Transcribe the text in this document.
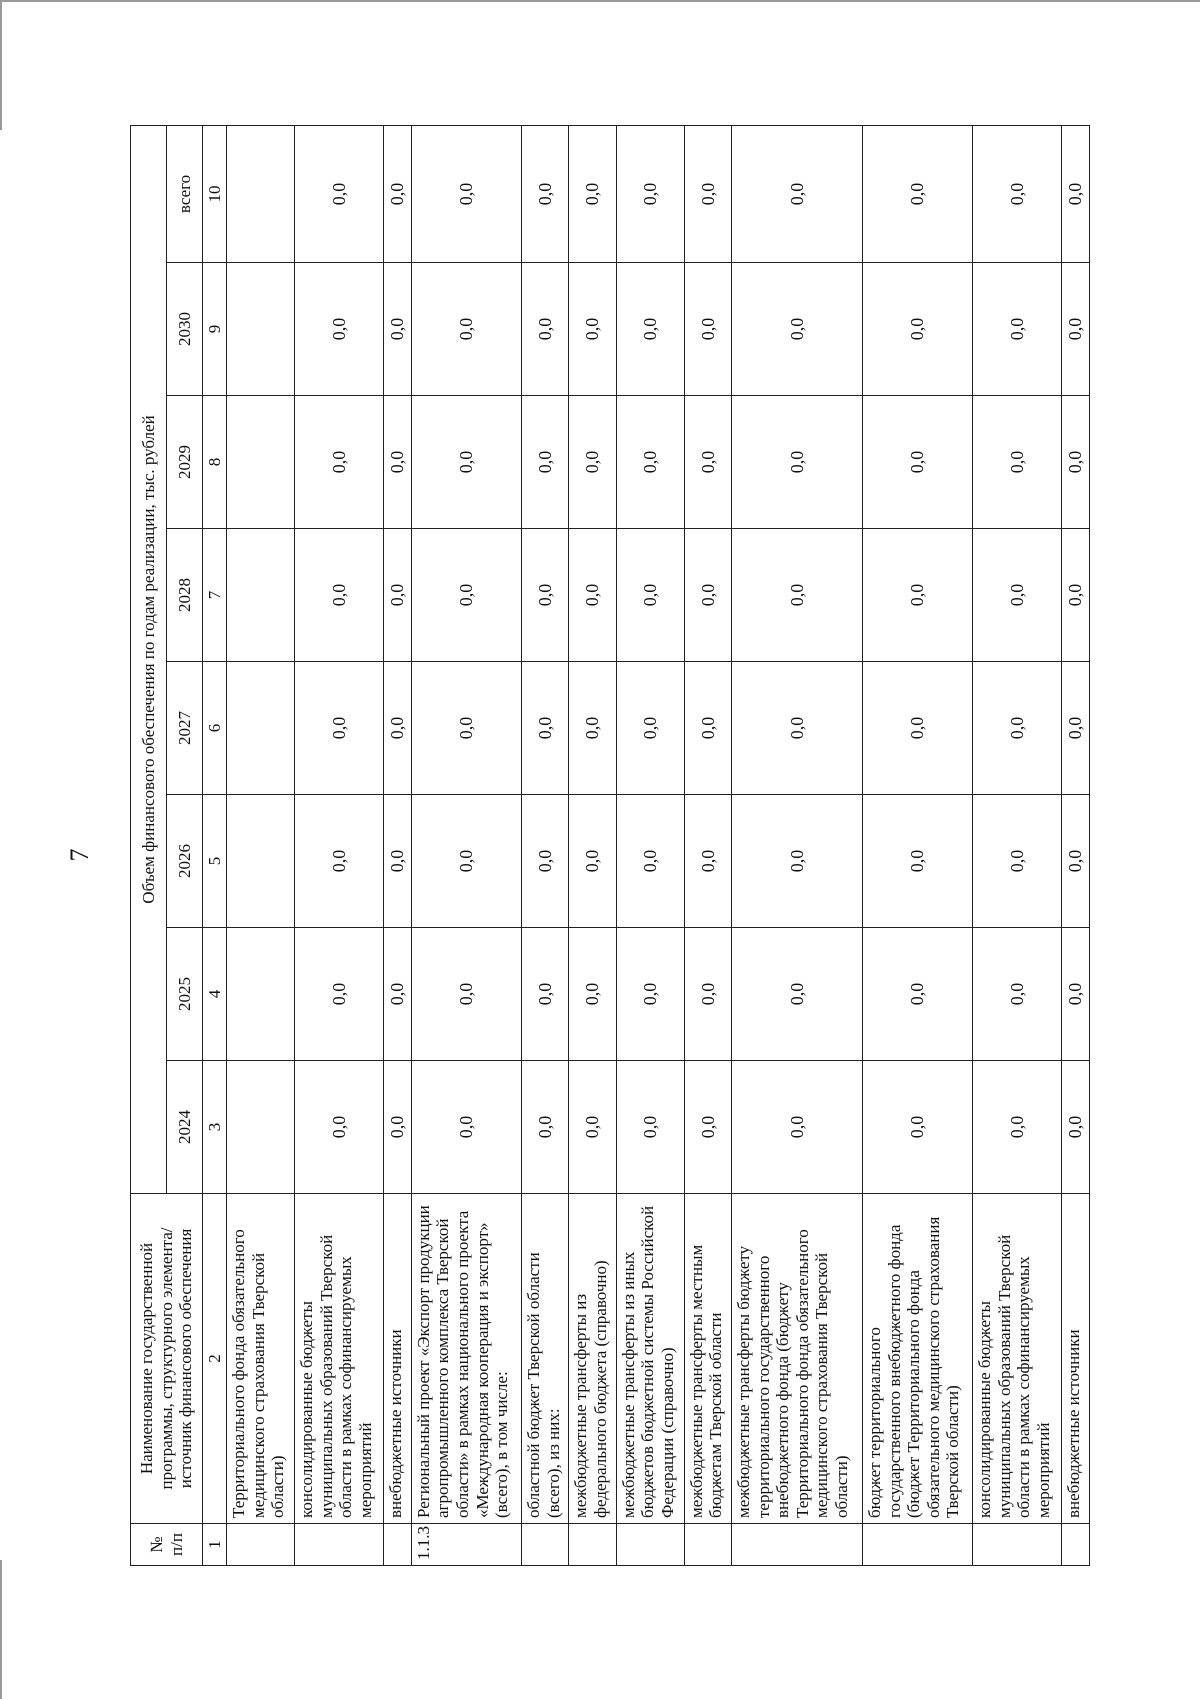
7
№ п/п	Наименование государственной программы, структурного элемента/источник финансового обеспечения	Объем финансового обеспечения по годам реализации, тыс. рублей							
		2024	2025	2026	2027	2028	2029	2030	всего
1	2	3	4	5	6	7	8	9	10
	Территориального фонда обязательного медицинского страхования Тверской области)								
	консолидированные бюджеты муниципальных образований Тверской области в рамках софинансируемых мероприятий	0,0	0,0	0,0	0,0	0,0	0,0	0,0	0,0
	внебюджетные источники	0,0	0,0	0,0	0,0	0,0	0,0	0,0	0,0
1.1.3	Региональный проект «Экспорт продукции агропромышленного комплекса Тверской области» в рамках национального проекта «Международная кооперация и экспорт» (всего), в том числе:	0,0	0,0	0,0	0,0	0,0	0,0	0,0	0,0
	областной бюджет Тверской области (всего), из них:	0,0	0,0	0,0	0,0	0,0	0,0	0,0	0,0
	межбюджетные трансферты из федерального бюджета (справочно)	0,0	0,0	0,0	0,0	0,0	0,0	0,0	0,0
	межбюджетные трансферты из иных бюджетов бюджетной системы Российской Федерации (справочно)	0,0	0,0	0,0	0,0	0,0	0,0	0,0	0,0
	межбюджетные трансферты местным бюджетам Тверской области	0,0	0,0	0,0	0,0	0,0	0,0	0,0	0,0
	межбюджетные трансферты бюджету территориального государственного внебюджетного фонда (бюджету Территориального фонда обязательного медицинского страхования Тверской области)	0,0	0,0	0,0	0,0	0,0	0,0	0,0	0,0
	бюджет территориального государственного внебюджетного фонда (бюджет Территориального фонда обязательного медицинского страхования Тверской области)	0,0	0,0	0,0	0,0	0,0	0,0	0,0	0,0
	консолидированные бюджеты муниципальных образований Тверской области в рамках софинансируемых мероприятий	0,0	0,0	0,0	0,0	0,0	0,0	0,0	0,0
	внебюджетные источники	0,0	0,0	0,0	0,0	0,0	0,0	0,0	0,0
